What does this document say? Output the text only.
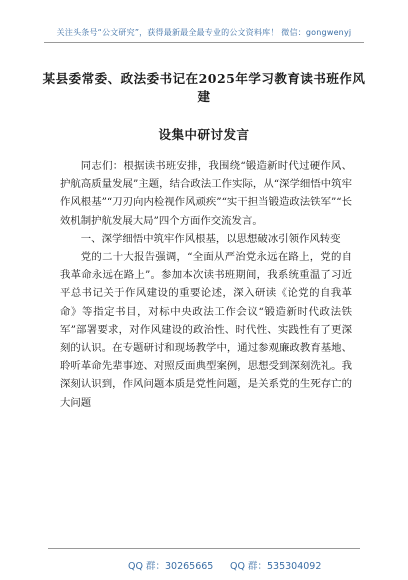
关注头条号“公文研究”，获得最新最全最专业的公文资料库！ 微信：gongwenyj
某县委常委、政法委书记在2025年学习教育读书班作风建
设集中研讨发言

同志们：根据读书班安排，我围绕“锻造新时代过硬作风、护航高质量发展”主题，结合政法工作实际，从“深学细悟中筑牢作风根基”“刀刃向内检视作风顽疾”“实干担当锻造政法铁军”“长效机制护航发展大局”四个方面作交流发言。

一、深学细悟中筑牢作风根基，以思想破冰引领作风转变

党的二十大报告强调，“全面从严治党永远在路上，党的自我革命永远在路上”。参加本次读书班期间，我系统重温了习近平总书记关于作风建设的重要论述，深入研读《论党的自我革命》等指定书目，对标中央政法工作会议“锻造新时代政法铁军”部署要求，对作风建设的政治性、时代性、实践性有了更深刻的认识。在专题研讨和现场教学中，通过参观廉政教育基地、聆听革命先辈事迹、对照反面典型案例，思想受到深刻洗礼。我深刻认识到，作风问题本质是党性问题，是关系党的生死存亡的大问题

QQ 群：30265665 QQ 群：535304092
